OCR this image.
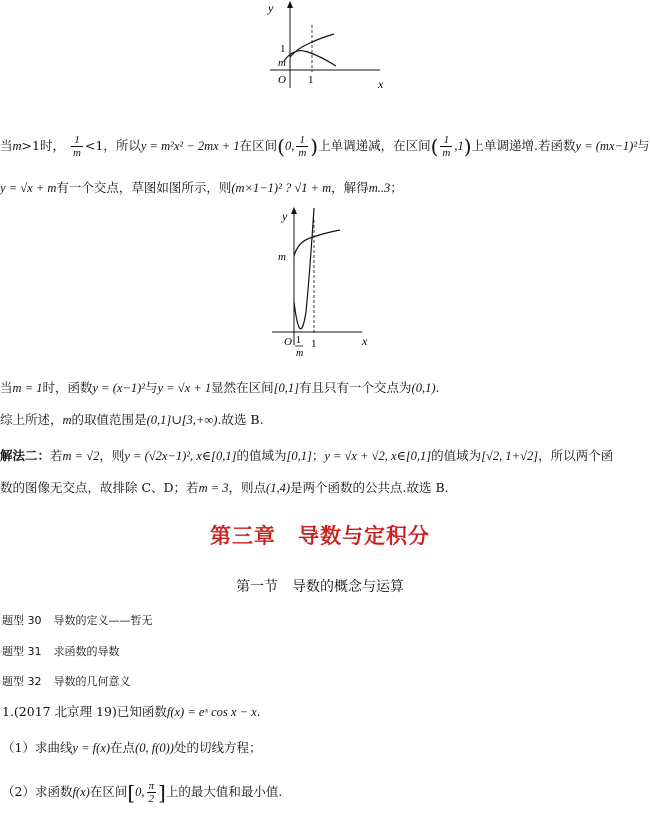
y
x
O
1
m
1
当m>1时， $\frac{1}{m} <1$，所以y = m²x² − 2mx + 1在区间(0, $\frac{1}{m}$ )上单调递减，在区间( $\frac{1}{m} ,1$)上单调递增.若函数y = (mx−1)²与
y = √x + m有一个交点，草图如图所示，则(m×1−1)² ? √1 + m，解得m..3；
y
x
O
m
1
m
1
当m = 1时，函数y = (x−1)²与y = √x + 1显然在区间[0,1]有且只有一个交点为(0,1).
综上所述，m的取值范围是(0,1]∪[3,+∞).故选 B.
解法二：若m = √2，则y = (√2x−1)², x∈[0,1]的值域为[0,1]；y = √x + √2, x∈[0,1]的值域为[√2, 1+√2]，所以两个函
数的图像无交点，故排除 C、D；若m = 3，则点(1,4)是两个函数的公共点.故选 B.
第三章　导数与定积分
第一节　导数的概念与运算
题型 30 导数的定义——暂无
题型 31 求函数的导数
题型 32 导数的几何意义
1.(2017 北京理 19)已知函数f(x) = eˣ cos x − x.
（1）求曲线y = f(x)在点(0, f(0))处的切线方程；
（2）求函数f(x)在区间[0, $\frac{\pi}{2}$ ]上的最大值和最小值.
